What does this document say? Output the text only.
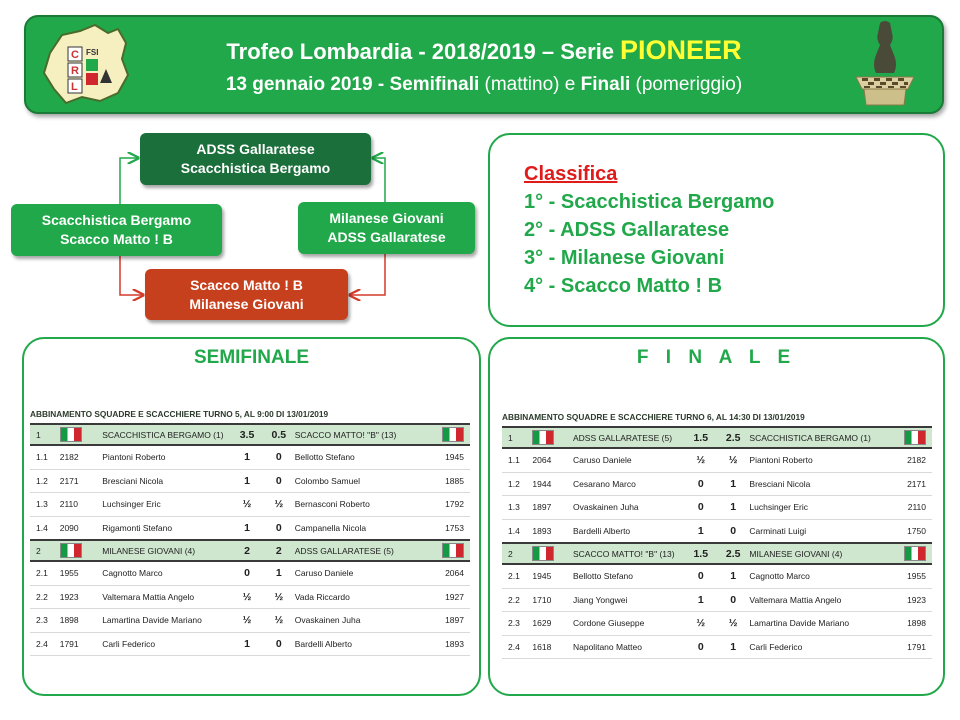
C
R
L
FSI	Trofeo Lombardia - 2018/2019 – Serie PIONEER
13 gennaio 2019 - Semifinali (mattino) e Finali (pomeriggio)
ADSS Gallaratese
Scacchistica Bergamo
Scacchistica Bergamo
Scacco Matto ! B
Milanese Giovani
ADSS Gallaratese
Scacco Matto ! B
Milanese Giovani
Classifica
1° - Scacchistica Bergamo
2° - ADSS Gallaratese
3° - Milanese Giovani
4° - Scacco Matto ! B
SEMIFINALE
ABBINAMENTO SQUADRE E SCACCHIERE TURNO 5, AL 9:00 DI 13/01/2019
1		SCACCHISTICA BERGAMO (1)	3.5	0.5	SCACCO MATTO! "B" (13)	
1.1	2182	Piantoni Roberto	1	0	Bellotto Stefano	1945
1.2	2171	Bresciani Nicola	1	0	Colombo Samuel	1885
1.3	2110	Luchsinger Eric	½	½	Bernasconi Roberto	1792
1.4	2090	Rigamonti Stefano	1	0	Campanella Nicola	1753
2		MILANESE GIOVANI (4)	2	2	ADSS GALLARATESE (5)	
2.1	1955	Cagnotto Marco	0	1	Caruso Daniele	2064
2.2	1923	Valtemara Mattia Angelo	½	½	Vada Riccardo	1927
2.3	1898	Lamartina Davide Mariano	½	½	Ovaskainen Juha	1897
2.4	1791	Carli Federico	1	0	Bardelli Alberto	1893
F I N A L E
ABBINAMENTO SQUADRE E SCACCHIERE TURNO 6, AL 14:30 DI 13/01/2019
1		ADSS GALLARATESE (5)	1.5	2.5	SCACCHISTICA BERGAMO (1)	
1.1	2064	Caruso Daniele	½	½	Piantoni Roberto	2182
1.2	1944	Cesarano Marco	0	1	Bresciani Nicola	2171
1.3	1897	Ovaskainen Juha	0	1	Luchsinger Eric	2110
1.4	1893	Bardelli Alberto	1	0	Carminati Luigi	1750
2		SCACCO MATTO! "B" (13)	1.5	2.5	MILANESE GIOVANI (4)	
2.1	1945	Bellotto Stefano	0	1	Cagnotto Marco	1955
2.2	1710	Jiang Yongwei	1	0	Valtemara Mattia Angelo	1923
2.3	1629	Cordone Giuseppe	½	½	Lamartina Davide Mariano	1898
2.4	1618	Napolitano Matteo	0	1	Carli Federico	1791
